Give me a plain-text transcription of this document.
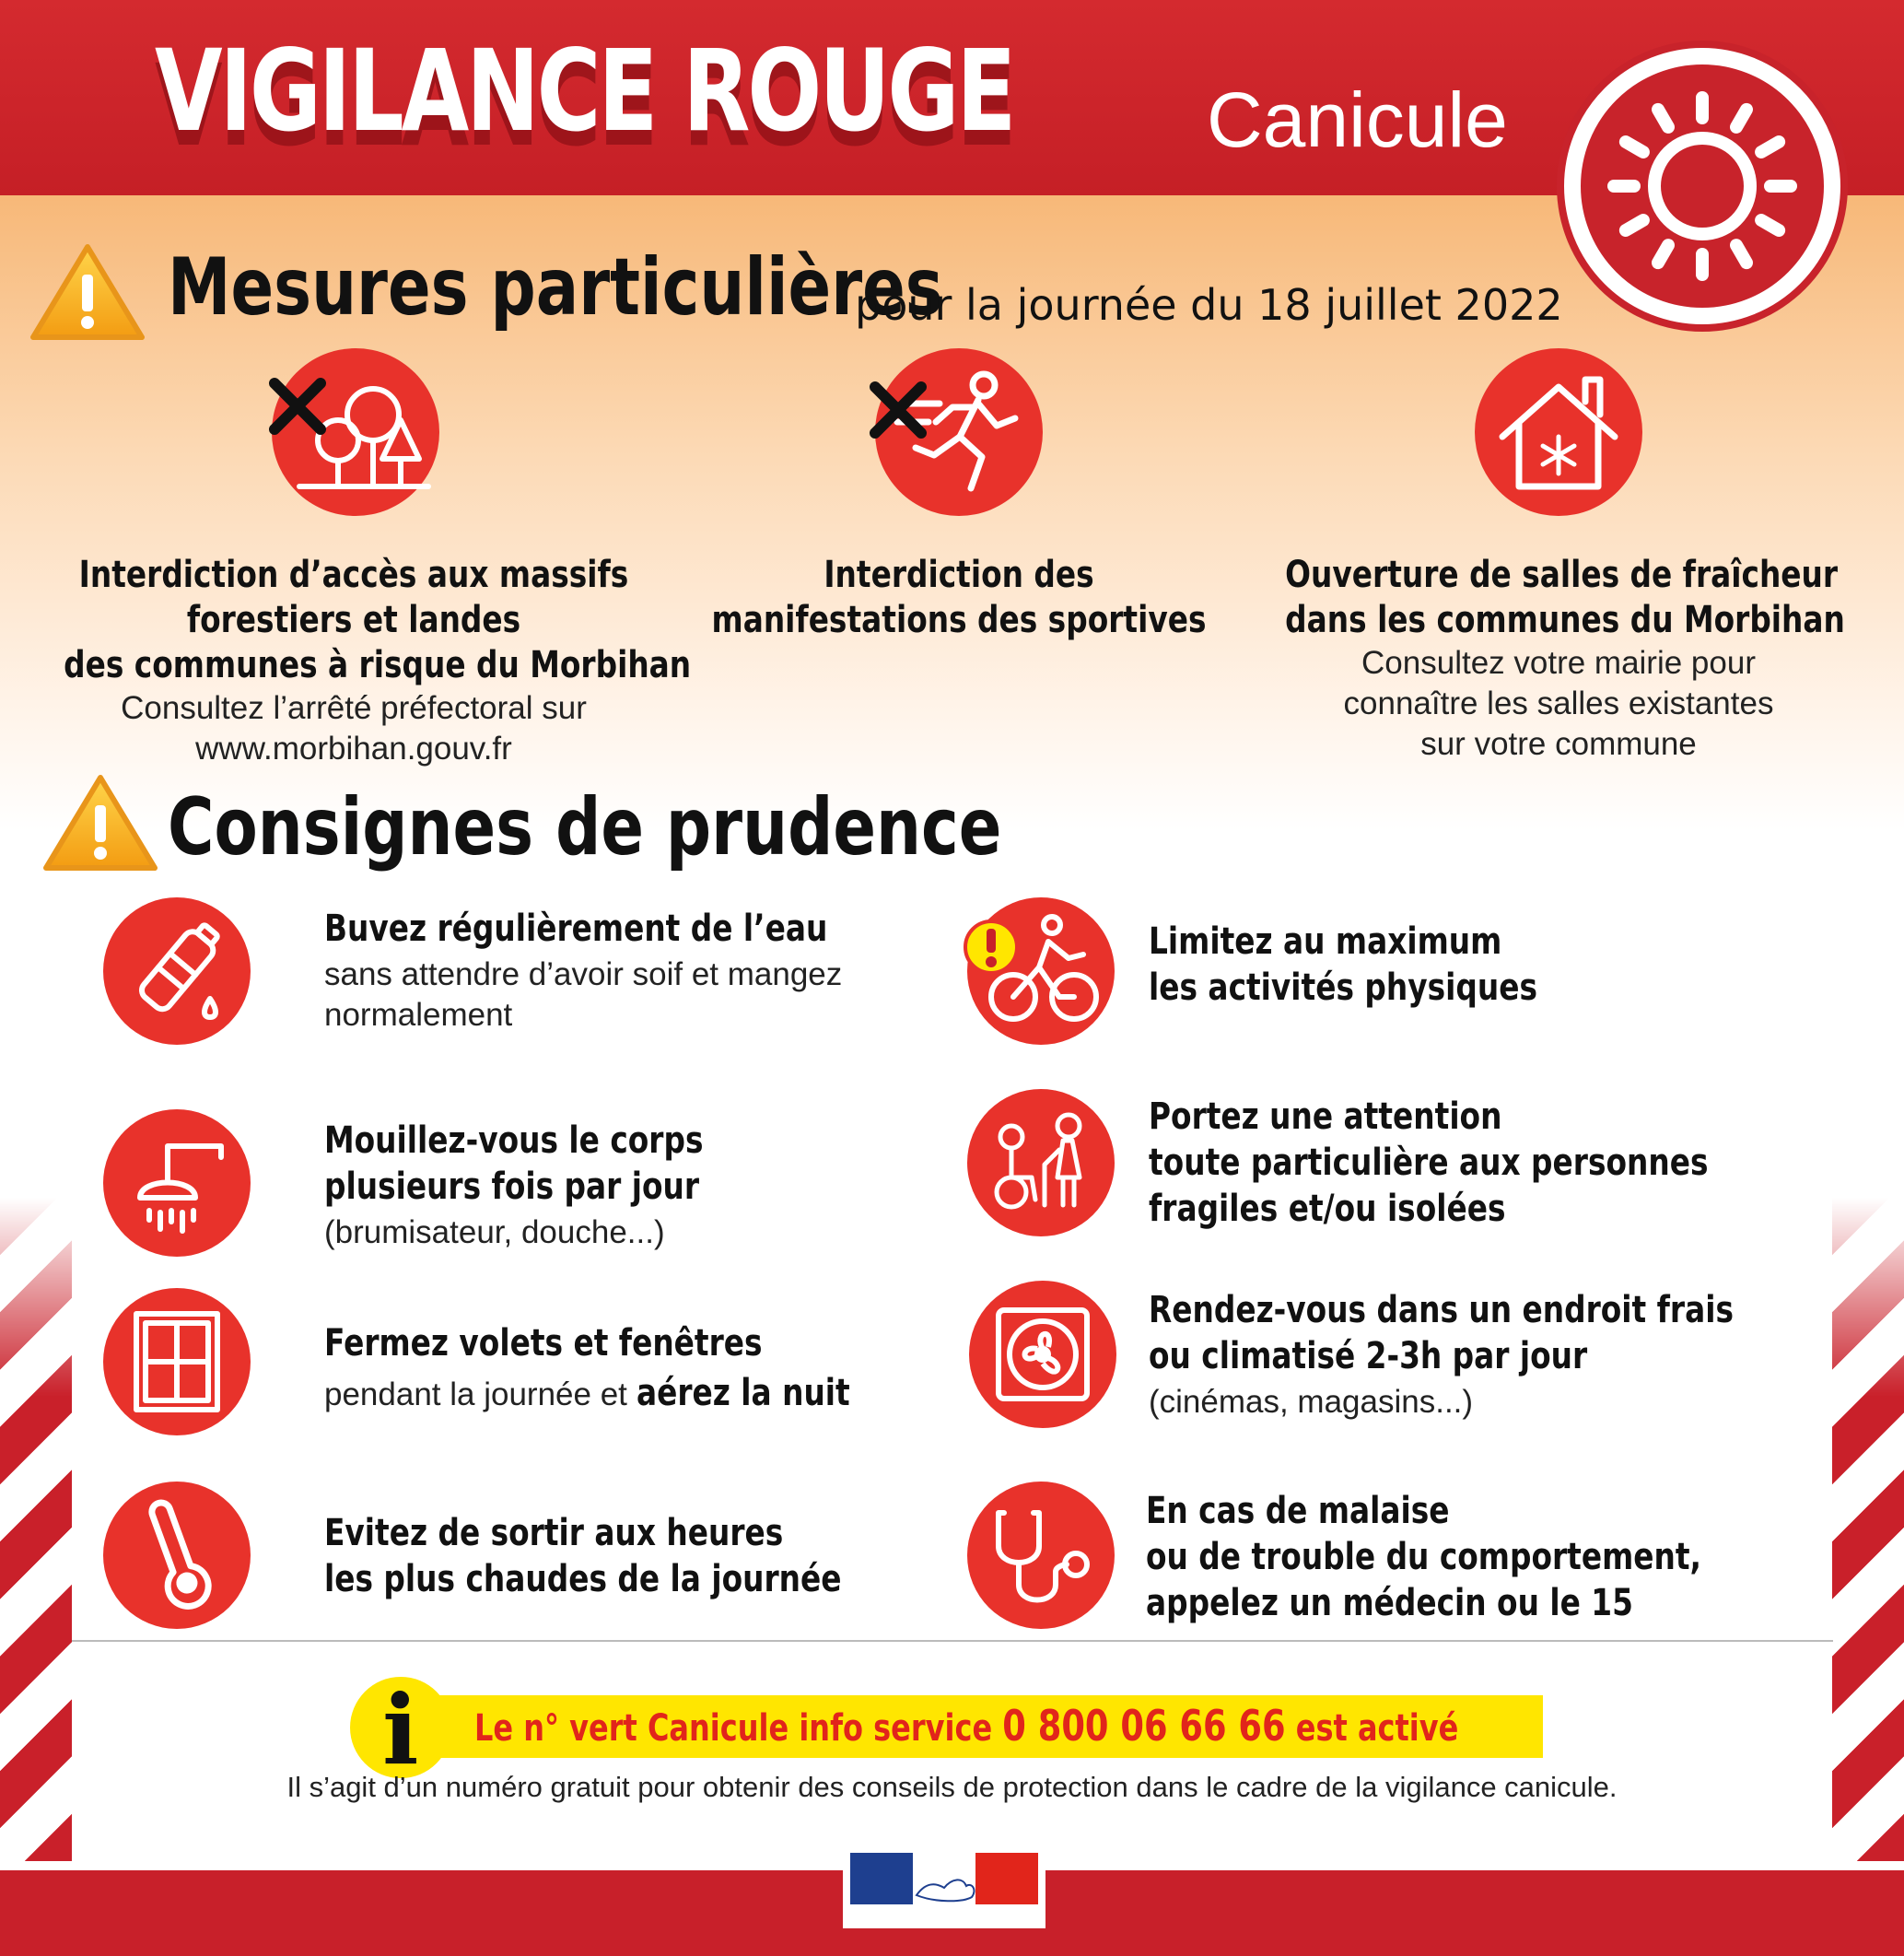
VIGILANCE ROUGE Canicule
Mesures particulières
pour la journée du 18 juillet 2022
Interdiction d’accès aux massifs
forestiers et landes
des communes à risque du Morbihan
Consultez l’arrêté préfectoral sur
www.morbihan.gouv.fr
Interdiction des
manifestations des sportives
Ouverture de salles de fraîcheur
dans les communes du Morbihan
Consultez votre mairie pour
connaître les salles existantes
sur votre commune
Consignes de prudence
Buvez régulièrement de l’eau
sans attendre d’avoir soif et mangez
normalement
Mouillez-vous le corps
plusieurs fois par jour
(brumisateur, douche...)
Fermez volets et fenêtres
pendant la journée et aérez la nuit
Evitez de sortir aux heures
les plus chaudes de la journée
Limitez au maximum
les activités physiques
Portez une attention
toute particulière aux personnes
fragiles et/ou isolées
Rendez-vous dans un endroit frais
ou climatisé 2-3h par jour
(cinémas, magasins...)
En cas de malaise
ou de trouble du comportement,
appelez un médecin ou le 15
i Le n° vert Canicule info service 0 800 06 66 66 est activé
Il s’agit d’un numéro gratuit pour obtenir des conseils de protection dans le cadre de la vigilance canicule.
